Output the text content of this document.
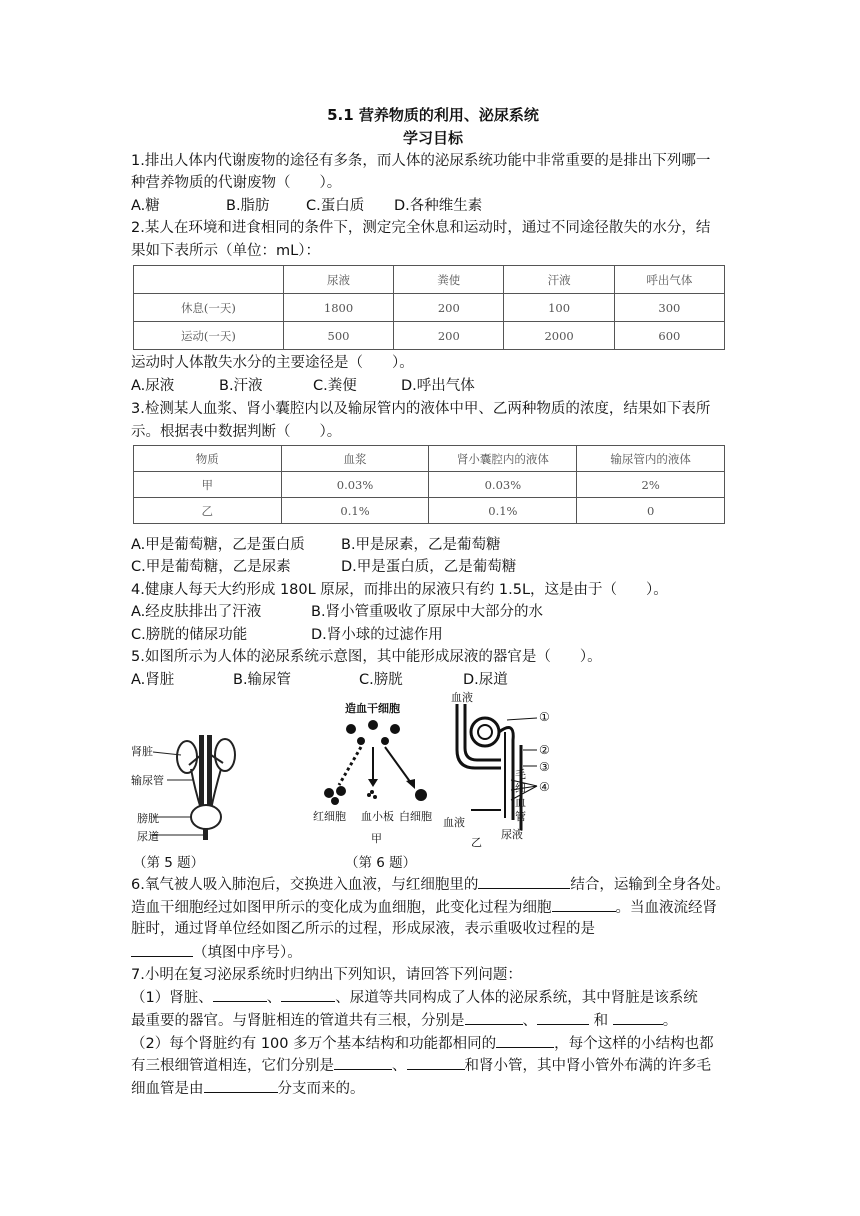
5.1 营养物质的利用、泌尿系统
学习目标
1.排出人体内代谢废物的途径有多条，而人体的泌尿系统功能中非常重要的是排出下列哪一
种营养物质的代谢废物（　　）。
A.糖	B.脂肪	C.蛋白质 D.各种维生素
2.某人在环境和进食相同的条件下，测定完全休息和运动时，通过不同途径散失的水分，结
果如下表所示（单位：mL）：
	尿液	粪使	汗液	呼出气体
休息(一天)	1800	200	100	300
运动(一天)	500	200	2000	600
运动时人体散失水分的主要途径是（　　）。
A.尿液	B.汗液	C.粪便	D.呼出气体
3.检测某人血浆、肾小囊腔内以及输尿管内的液体中甲、乙两种物质的浓度，结果如下表所
示。根据表中数据判断（　　）。
物质	血浆	肾小囊腔内的液体	输尿管内的液体
甲	0.03%	0.03%	2%
乙	0.1%	0.1%	0
A.甲是葡萄糖，乙是蛋白质 B.甲是尿素，乙是葡萄糖
C.甲是葡萄糖，乙是尿素	D.甲是蛋白质，乙是葡萄糖
4.健康人每天大约形成 180L 原尿，而排出的尿液只有约 1.5L，这是由于（　　）。
A.经皮肤排出了汗液	B.肾小管重吸收了原尿中大部分的水
C.膀胱的储尿功能	D.肾小球的过滤作用
5.如图所示为人体的泌尿系统示意图，其中能形成尿液的器官是（　　）。
A.肾脏	B.输尿管	C.膀胱	D.尿道
肾脏
输尿管
膀胱
尿道
（第 5 题）
造血干细胞
红细胞 血小板 白细胞
甲
（第 6 题）
血液
①
②
③
④
毛
细
血
管
血液
尿液
乙
6.氧气被人吸入肺泡后，交换进入血液，与红细胞里的	结合，运输到全身各处。
造血干细胞经过如图甲所示的变化成为血细胞，此变化过程为细胞	。当血液流经肾
脏时，通过肾单位经如图乙所示的过程，形成尿液，表示重吸收过程的是
（填图中序号）。
7.小明在复习泌尿系统时归纳出下列知识，请回答下列问题：
（1）肾脏、	、	、尿道等共同构成了人体的泌尿系统，其中肾脏是该系统
最重要的器官。与肾脏相连的管道共有三根，分别是	、	和	。
（2）每个肾脏约有 100 多万个基本结构和功能都相同的	，每个这样的小结构也都
有三根细管道相连，它们分别是	、	和肾小管，其中肾小管外布满的许多毛
细血管是由	分支而来的。
